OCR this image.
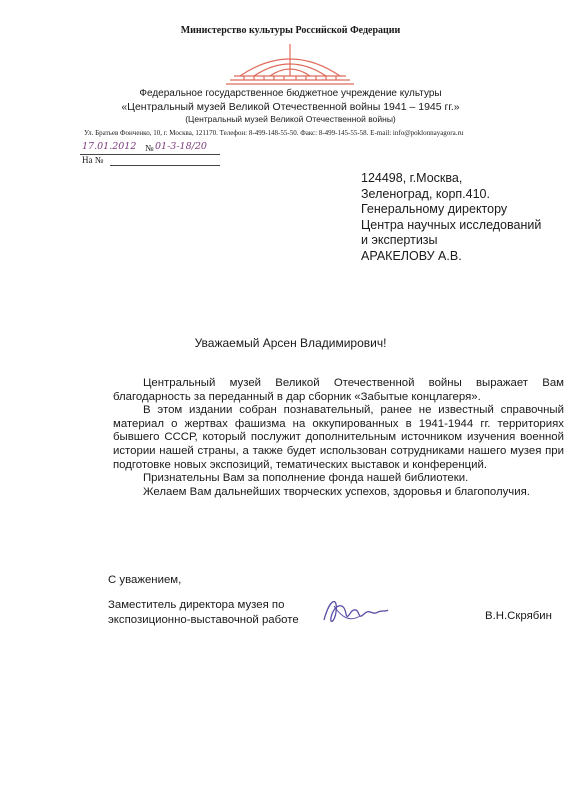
Министерство культуры Российской Федерации
Федеральное государственное бюджетное учреждение культуры
«Центральный музей Великой Отечественной войны 1941 – 1945 гг.»
(Центральный музей Великой Отечественной войны)
Ул. Братьев Фонченко, 10, г. Москва, 121170. Телефон: 8-499-148-55-50. Факс: 8-499-145-55-58. E-mail: info@poklonnayagora.ru
17.01.2012 № 01-3-18/20
На №
124498, г.Москва,
Зеленоград, корп.410.
Генеральному директору
Центра научных исследований
и экспертизы
АРАКЕЛОВУ А.В.
Уважаемый Арсен Владимирович!

Центральный музей Великой Отечественной войны выражает Вам благодарность за переданный в дар сборник «Забытые концлагеря».

В этом издании собран познавательный, ранее не известный справочный материал о жертвах фашизма на оккупированных в 1941-1944 гг. территориях бывшего СССР, который послужит дополнительным источником изучения военной истории нашей страны, а также будет использован сотрудниками нашего музея при подготовке новых экспозиций, тематических выставок и конференций.

Признательны Вам за пополнение фонда нашей библиотеки.

Желаем Вам дальнейших творческих успехов, здоровья и благополучия.

С уважением,
Заместитель директора музея по
экспозиционно-выставочной работе	В.Н.Скрябин
